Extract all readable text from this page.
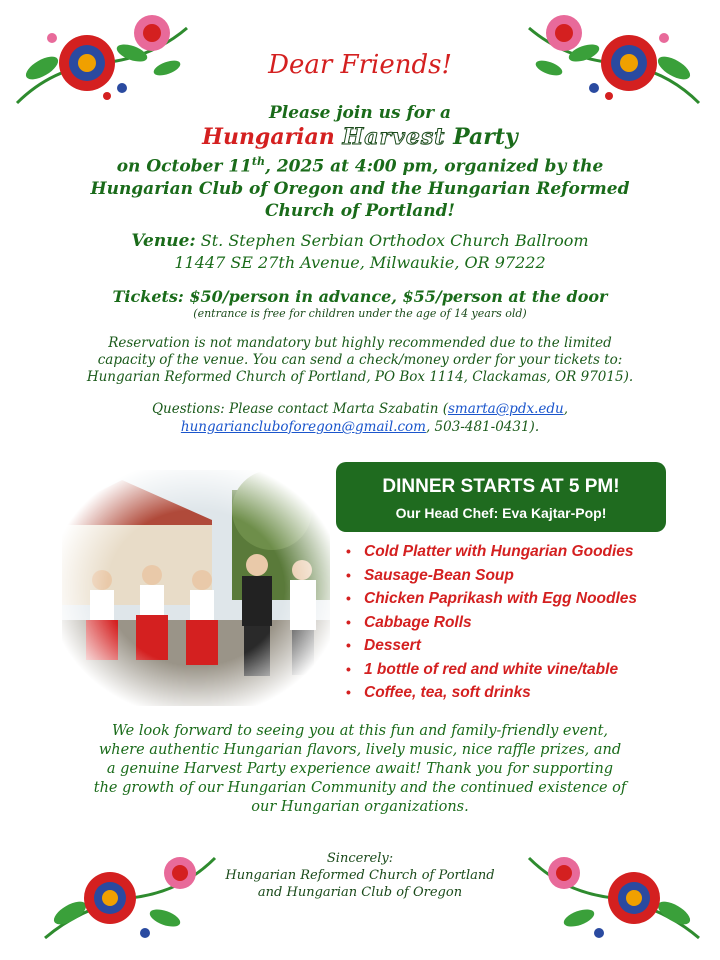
Dear Friends!
Please join us for a
Hungarian Harvest Party
on October 11th, 2025 at 4:00 pm, organized by the
Hungarian Club of Oregon and the Hungarian Reformed
Church of Portland!
Venue: St. Stephen Serbian Orthodox Church Ballroom
11447 SE 27th Avenue, Milwaukie, OR 97222
Tickets: $50/person in advance, $55/person at the door
(entrance is free for children under the age of 14 years old)
Reservation is not mandatory but highly recommended due to the limited
capacity of the venue. You can send a check/money order for your tickets to:
Hungarian Reformed Church of Portland, PO Box 1114, Clackamas, OR 97015).
Questions: Please contact Marta Szabatin (smarta@pdx.edu,
hungariancluboforegon@gmail.com, 503-481-0431).
DINNER STARTS AT 5 PM!
Our Head Chef: Eva Kajtar-Pop!
• Cold Platter with Hungarian Goodies
• Sausage-Bean Soup
• Chicken Paprikash with Egg Noodles
• Cabbage Rolls
• Dessert
• 1 bottle of red and white vine/table
• Coffee, tea, soft drinks
We look forward to seeing you at this fun and family-friendly event,
where authentic Hungarian flavors, lively music, nice raffle prizes, and
a genuine Harvest Party experience await! Thank you for supporting
the growth of our Hungarian Community and the continued existence of
our Hungarian organizations.
Sincerely:
Hungarian Reformed Church of Portland
and Hungarian Club of Oregon
